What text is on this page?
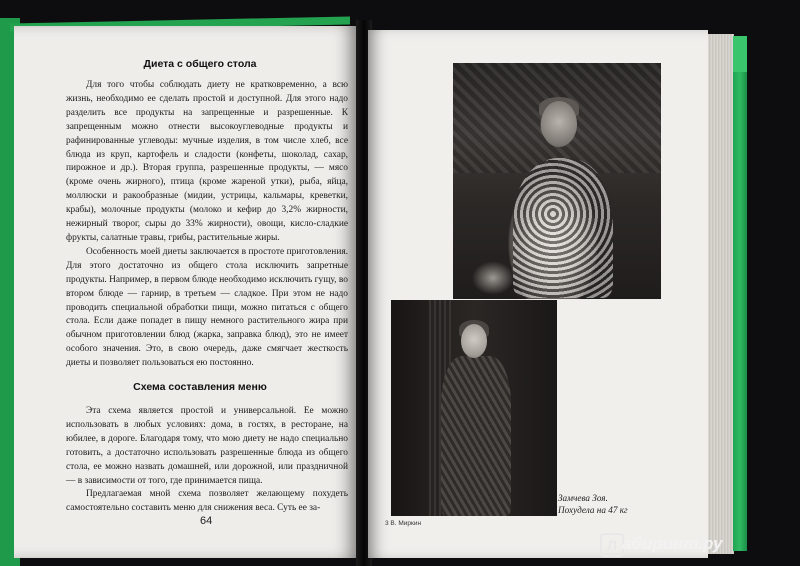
Диета с общего стола

Для того чтобы соблюдать диету не кратковременно, а всю жизнь, необходимо ее сделать простой и доступной. Для этого надо разделить все продукты на запрещенные и разрешенные. К запрещенным можно отнести высокоуглеводные продукты и рафинированные углеводы: мучные изделия, в том числе хлеб, все блюда из круп, картофель и сладости (конфеты, шоколад, сахар, пирожное и др.). Вторая группа, разрешенные продукты, — мясо (кроме очень жирного), птица (кроме жареной утки), рыба, яйца, моллюски и ракообразные (мидии, устрицы, кальмары, креветки, крабы), молочные продукты (молоко и кефир до 3,2% жирности, нежирный творог, сыры до 33% жирности), овощи, кисло-сладкие фрукты, салатные травы, грибы, растительные жиры.

Особенность моей диеты заключается в простоте приготовления. Для этого достаточно из общего стола исключить запретные продукты. Например, в первом блюде необходимо исключить гущу, во втором блюде — гарнир, в третьем — сладкое. При этом не надо проводить специальной обработки пищи, можно питаться с общего стола. Если даже попадет в пищу немного растительного жира при обычном приготовлении блюд (жарка, заправка блюд), это не имеет особого значения. Это, в свою очередь, даже смягчает жесткость диеты и позволяет пользоваться ею постоянно.

Схема составления меню

Эта схема является простой и универсальной. Ее можно использовать в любых условиях: дома, в гостях, в ресторане, на юбилее, в дороге. Благодаря тому, что мою диету не надо специально готовить, а достаточно использовать разрешенные блюда из общего стола, ее можно назвать домашней, или дорожной, или праздничной — в зависимости от того, где принимается пища.

Предлагаемая мной схема позволяет желающему похудеть самостоятельно составить меню для снижения веса. Суть ее за-

64
Замчева Зоя.
Похудела на 47 кг
3 В. Миркин
Л абиринт.ру
